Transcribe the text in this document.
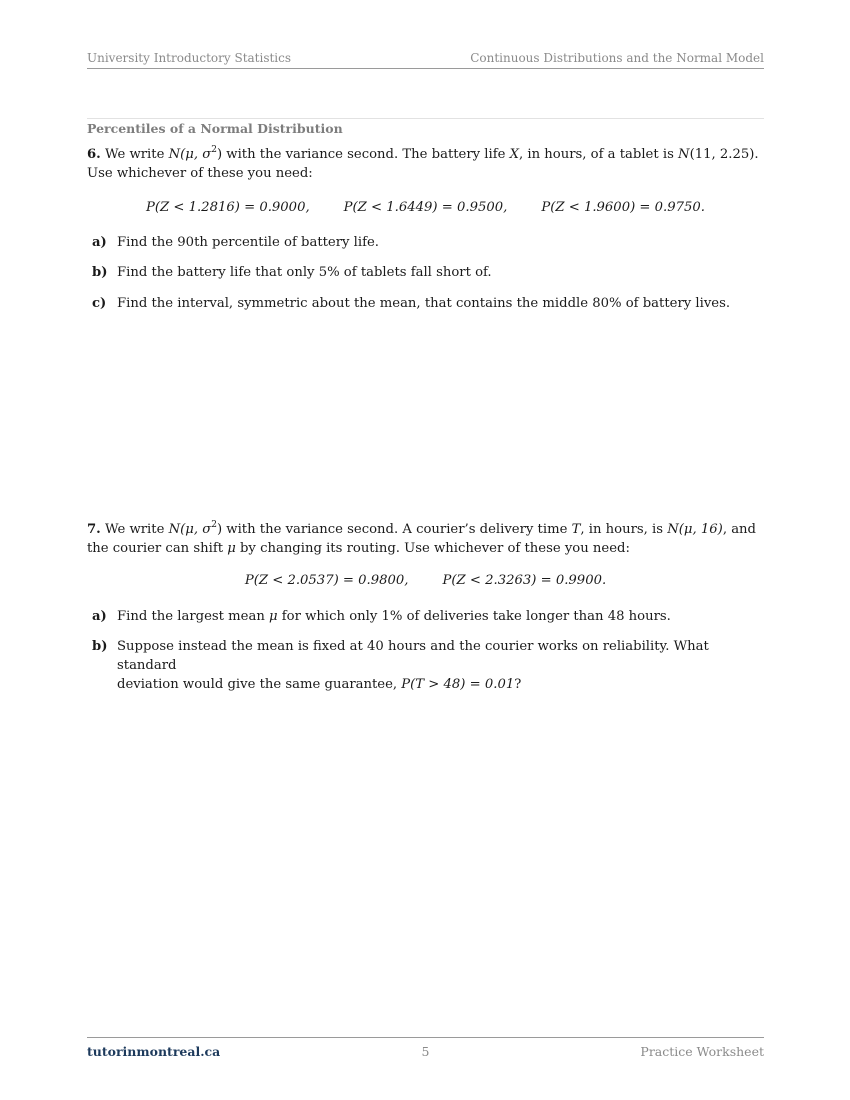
University Introductory Statistics	Continuous Distributions and the Normal Model
Percentiles of a Normal Distribution
6. We write N(μ, $\sigma^2$) with the variance second. The battery life X, in hours, of a tablet is N(11, 2.25).
Use whichever of these you need:
P(Z < 1.2816) = 0.9000,	P(Z < 1.6449) = 0.9500,	P(Z < 1.9600) = 0.9750.
a) Find the 90th percentile of battery life.
b) Find the battery life that only 5% of tablets fall short of.
c) Find the interval, symmetric about the mean, that contains the middle 80% of battery lives.
7. We write N(μ, $\sigma^2$) with the variance second. A courier’s delivery time T, in hours, is N(μ, 16), and
the courier can shift μ by changing its routing. Use whichever of these you need:
P(Z < 2.0537) = 0.9800,	P(Z < 2.3263) = 0.9900.
a) Find the largest mean μ for which only 1% of deliveries take longer than 48 hours.
b) Suppose instead the mean is fixed at 40 hours and the courier works on reliability. What standard
deviation would give the same guarantee, P(T > 48) = 0.01?
tutorinmontreal.ca	5	Practice Worksheet
